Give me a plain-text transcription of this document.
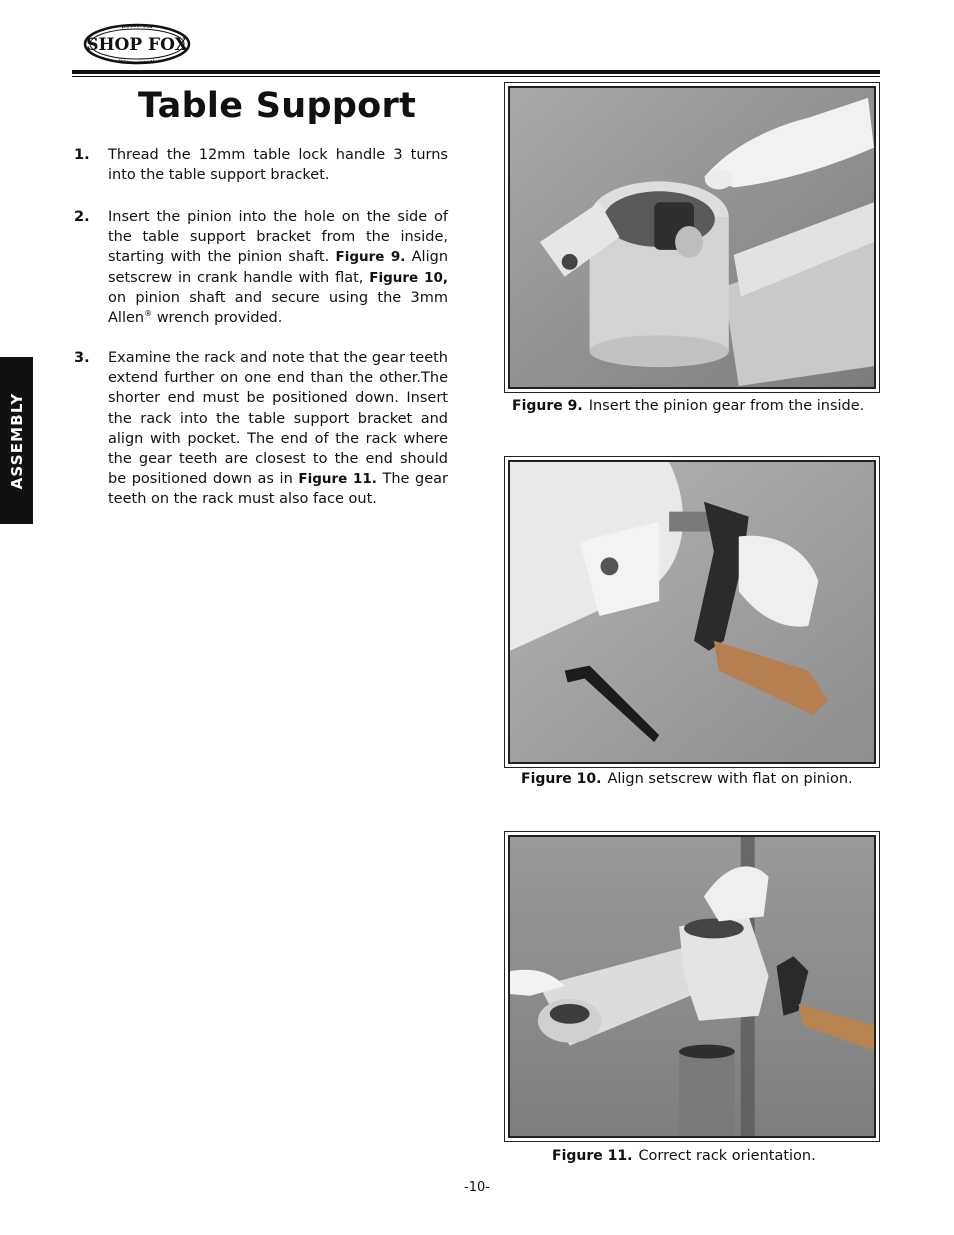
SHOP FOX
WOODSTOCK
INTERNATIONAL
Table Support
ASSEMBLY
1. Thread the 12mm table lock handle 3 turns into the table support bracket.
2. Insert the pinion into the hole on the side of the table support bracket from the inside, starting with the pinion shaft. Figure 9. Align setscrew in crank handle with flat, Figure 10, on pinion shaft and secure using the 3mm Allen® wrench provided.
3. Examine the rack and note that the gear teeth extend further on one end than the other.The shorter end must be positioned down. Insert the rack into the table support bracket and align with pocket. The end of the rack where the gear teeth are closest to the end should be positioned down as in Figure 11. The gear teeth on the rack must also face out.
Figure 9. Insert the pinion gear from the inside.
Figure 10. Align setscrew with flat on pinion.
Figure 11. Correct rack orientation.
-10-
